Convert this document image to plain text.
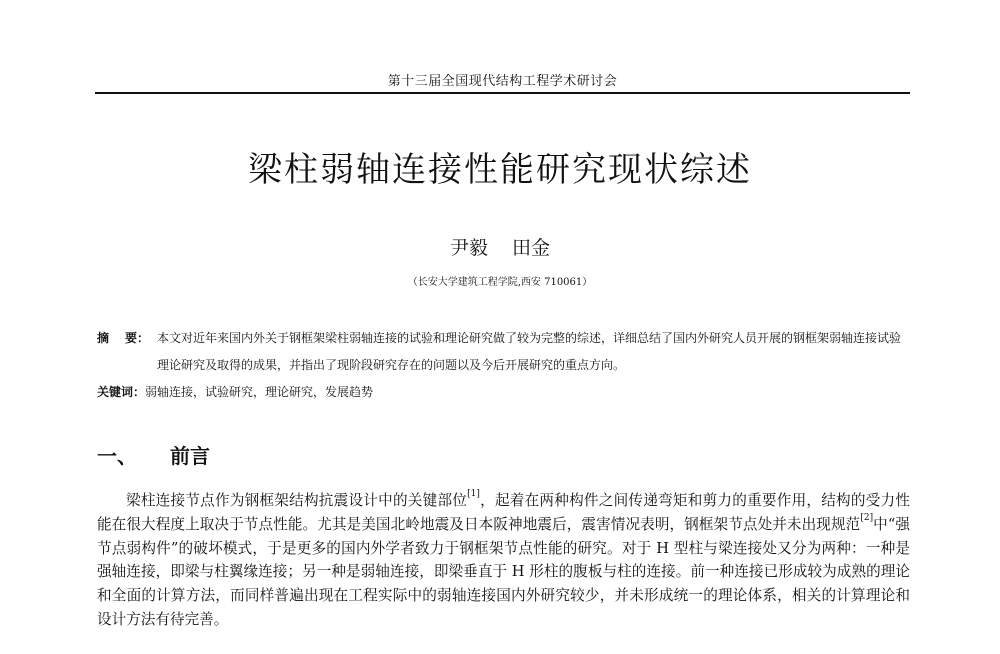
第十三届全国现代结构工程学术研讨会
梁柱弱轴连接性能研究现状综述
尹毅 田金
（长安大学建筑工程学院,西安 710061）
摘 要： 本文对近年来国内外关于钢框架梁柱弱轴连接的试验和理论研究做了较为完整的综述，详细总结了国内外研究人员开展的钢框架弱轴连接试验理论研究及取得的成果，并指出了现阶段研究存在的问题以及今后开展研究的重点方向。
关键词： 弱轴连接，试验研究，理论研究，发展趋势
一、 前言

梁柱连接节点作为钢框架结构抗震设计中的关键部位[1]，起着在两种构件之间传递弯矩和剪力的重要作用，结构的受力性能在很大程度上取决于节点性能。尤其是美国北岭地震及日本阪神地震后，震害情况表明，钢框架节点处并未出现规范[2]中“强节点弱构件”的破坏模式，于是更多的国内外学者致力于钢框架节点性能的研究。对于 H 型柱与梁连接处又分为两种：一种是强轴连接，即梁与柱翼缘连接；另一种是弱轴连接，即梁垂直于 H 形柱的腹板与柱的连接。前一种连接已形成较为成熟的理论和全面的计算方法，而同样普遍出现在工程实际中的弱轴连接国内外研究较少，并未形成统一的理论体系，相关的计算理论和设计方法有待完善。
